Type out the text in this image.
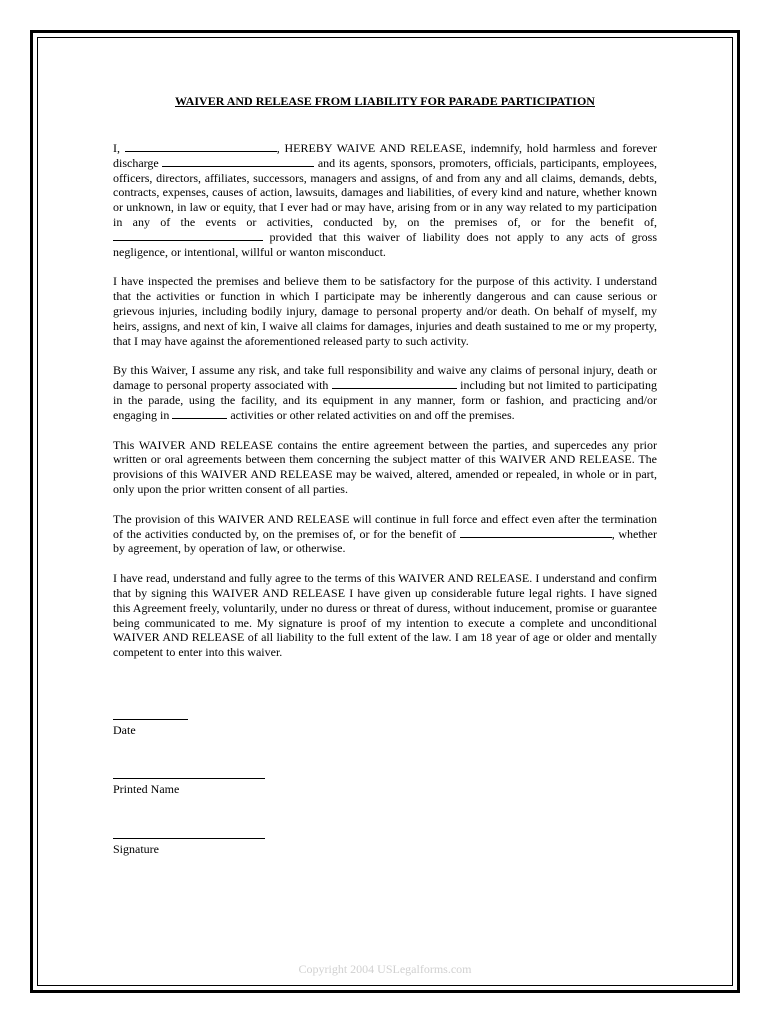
WAIVER AND RELEASE FROM LIABILITY FOR PARADE PARTICIPATION

I,	, HEREBY WAIVE AND RELEASE, indemnify, hold harmless and forever discharge	and its agents, sponsors, promoters, officials, participants, employees, officers, directors, affiliates, successors, managers and assigns, of and from any and all claims, demands, debts, contracts, expenses, causes of action, lawsuits, damages and liabilities, of every kind and nature, whether known or unknown, in law or equity, that I ever had or may have, arising from or in any way related to my participation in any of the events or activities, conducted by, on the premises of, or for the benefit of,  provided that this waiver of liability does not apply to any acts of gross negligence, or intentional, willful or wanton misconduct.

I have inspected the premises and believe them to be satisfactory for the purpose of this activity. I understand that the activities or function in which I participate may be inherently dangerous and can cause serious or grievous injuries, including bodily injury, damage to personal property and/or death. On behalf of myself, my heirs, assigns, and next of kin, I waive all claims for damages, injuries and death sustained to me or my property, that I may have against the aforementioned released party to such activity.

By this Waiver, I assume any risk, and take full responsibility and waive any claims of personal injury, death or damage to personal property associated with	including but not limited to participating in the parade, using the facility, and its equipment in any manner, form or fashion, and practicing and/or engaging in	activities or other related activities on and off the premises.

This WAIVER AND RELEASE contains the entire agreement between the parties, and supercedes any prior written or oral agreements between them concerning the subject matter of this WAIVER AND RELEASE. The provisions of this WAIVER AND RELEASE may be waived, altered, amended or repealed, in whole or in part, only upon the prior written consent of all parties.

The provision of this WAIVER AND RELEASE will continue in full force and effect even after the termination of the activities conducted by, on the premises of, or for the benefit of	, whether by agreement, by operation of law, or otherwise.

I have read, understand and fully agree to the terms of this WAIVER AND RELEASE. I understand and confirm that by signing this WAIVER AND RELEASE I have given up considerable future legal rights. I have signed this Agreement freely, voluntarily, under no duress or threat of duress, without inducement, promise or guarantee being communicated to me. My signature is proof of my intention to execute a complete and unconditional WAIVER AND RELEASE of all liability to the full extent of the law. I am 18 year of age or older and mentally competent to enter into this waiver.

Date
Printed Name
Signature
Copyright 2004 USLegalforms.com
